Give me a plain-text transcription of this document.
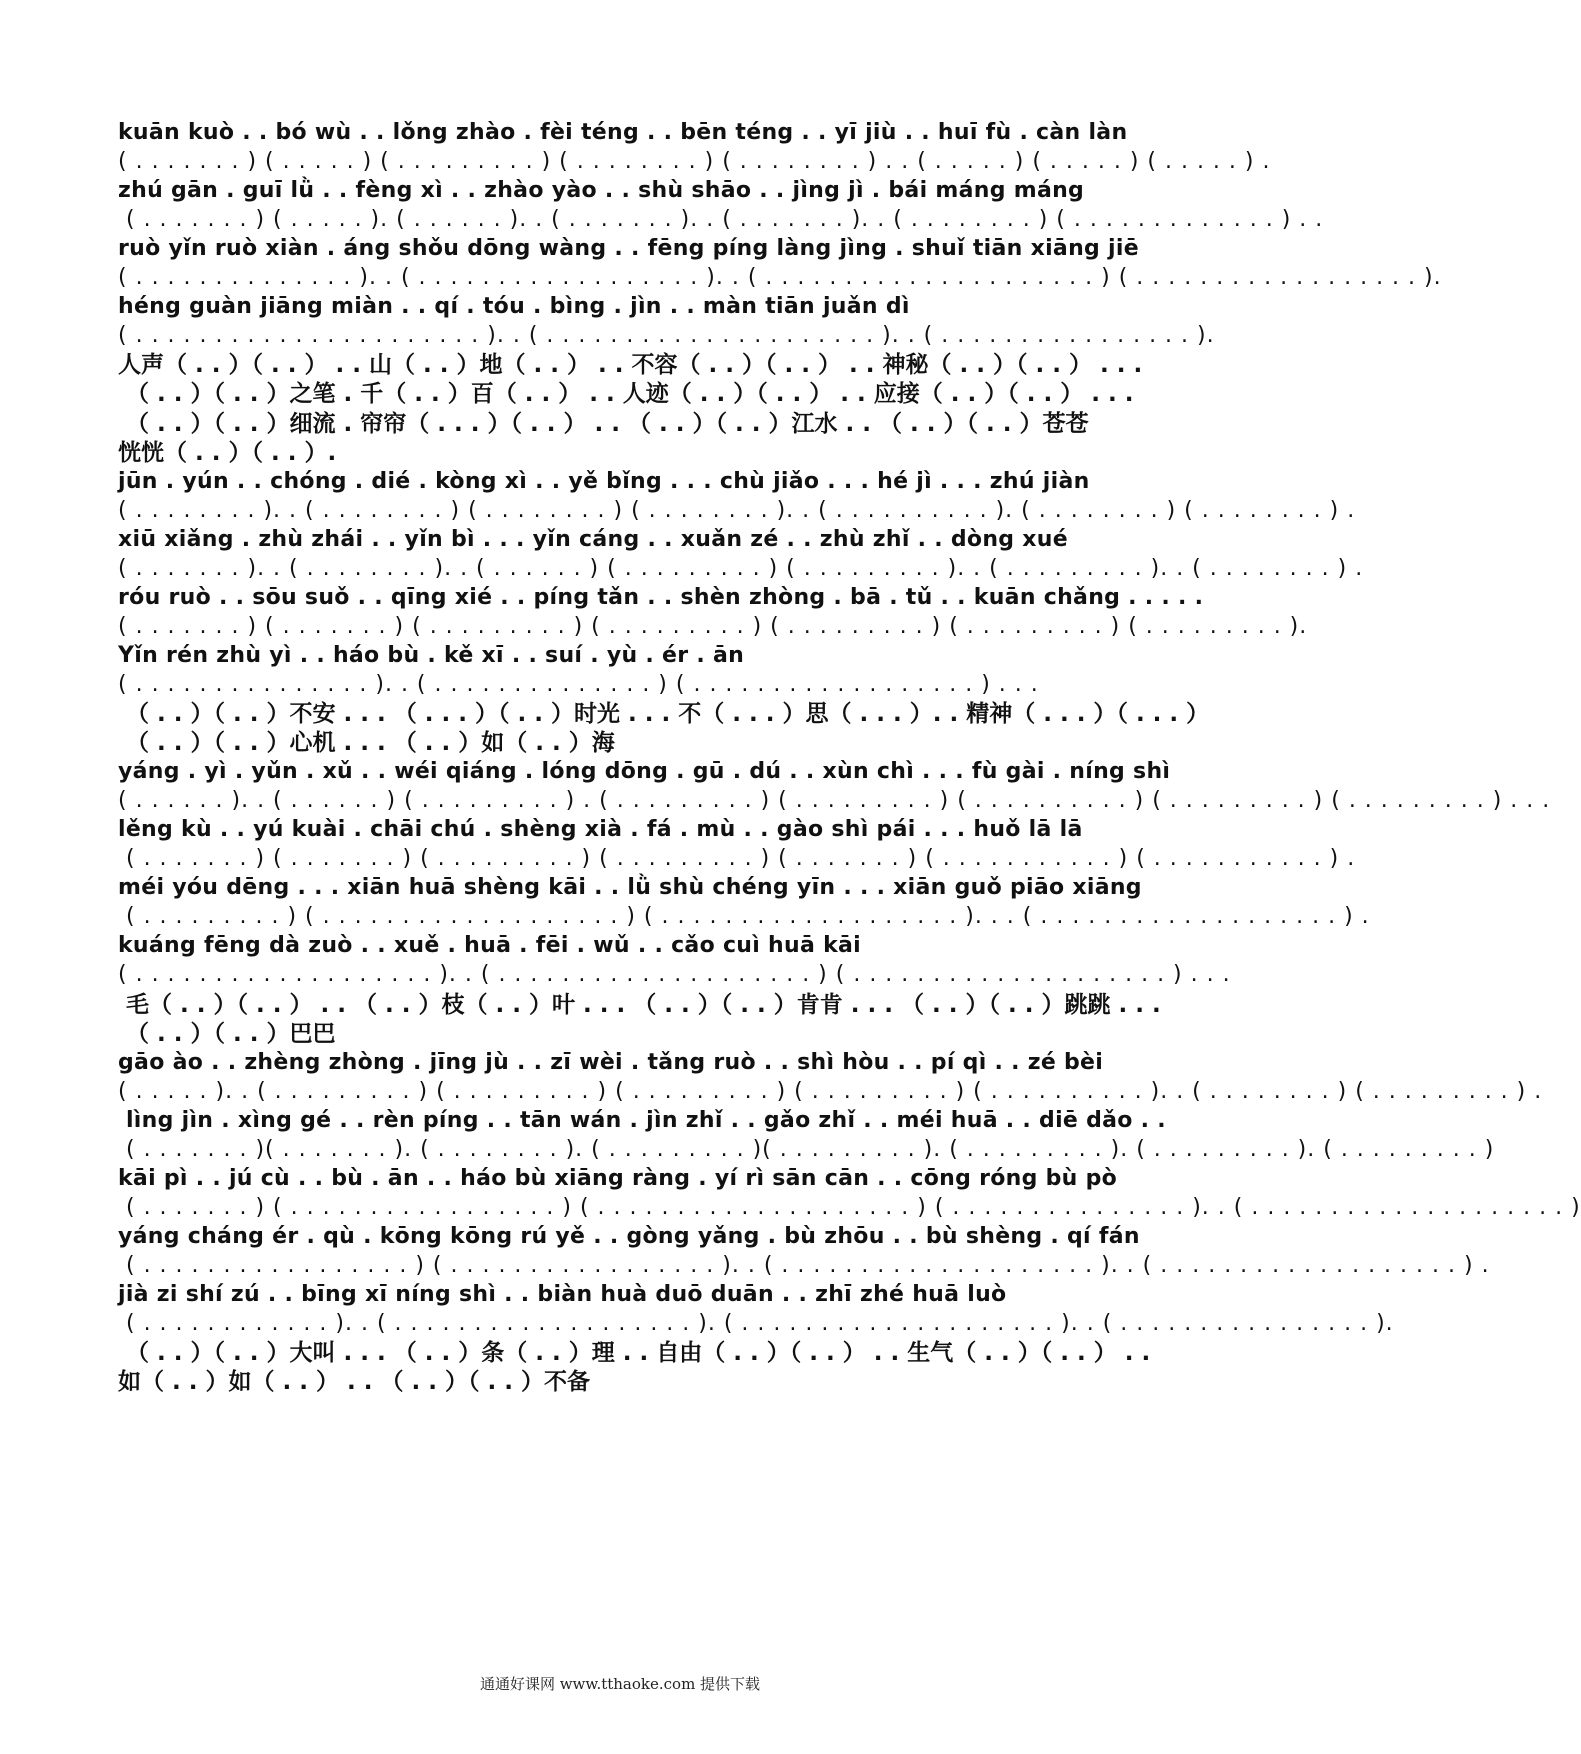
kuān kuò . . bó wù . . lǒng zhào . fèi téng . . bēn téng . . yī jiù . . huī fù . càn làn
( . . . . . . . ) ( . . . . . ) ( . . . . . . . . . ) ( . . . . . . . . ) ( . . . . . . . . ) . . ( . . . . . ) ( . . . . . ) ( . . . . . ) .
zhú gān . guī lǜ . . fèng xì . . zhào yào . . shù shāo . . jìng jì . bái máng máng
( . . . . . . . ) ( . . . . . ). ( . . . . . . ). . ( . . . . . . . ). . ( . . . . . . . ). . ( . . . . . . . . ) ( . . . . . . . . . . . . . ) . .
ruò yǐn ruò xiàn . áng shǒu dōng wàng . . fēng píng làng jìng . shuǐ tiān xiāng jiē
( . . . . . . . . . . . . . . ). . ( . . . . . . . . . . . . . . . . . . ). . ( . . . . . . . . . . . . . . . . . . . . . ) ( . . . . . . . . . . . . . . . . . . ).
héng guàn jiāng miàn . . qí . tóu . bìng . jìn . . màn tiān juǎn dì
( . . . . . . . . . . . . . . . . . . . . . . ). . ( . . . . . . . . . . . . . . . . . . . . . ). . ( . . . . . . . . . . . . . . . . ).
人声（ . . ）（ . . ） . . 山（ . . ）地（ . . ） . . 不容（ . . ）（ . . ） . . 神秘（ . . ）（ . . ） . . .
（ . . ）（ . . ）之笔 . 千（ . . ）百（ . . ） . . 人迹（ . . ）（ . . ） . . 应接（ . . ）（ . . ） . . .
（ . . ）（ . . ）细流 . 帘帘（ . . . ）（ . . ） . . （ . . ）（ . . ）江水 . . （ . . ）（ . . ）苍苍
恍恍（ . . ）（ . . ）.
jūn . yún . . chóng . dié . kòng xì . . yě bǐng . . . chù jiǎo . . . hé jì . . . zhú jiàn
( . . . . . . . . ). . ( . . . . . . . . ) ( . . . . . . . . ) ( . . . . . . . . ). . ( . . . . . . . . . . ). ( . . . . . . . . ) ( . . . . . . . . ) .
xiū xiǎng . zhù zhái . . yǐn bì . . . yǐn cáng . . xuǎn zé . . zhù zhǐ . . dòng xué
( . . . . . . . ). . ( . . . . . . . . ). . ( . . . . . . ) ( . . . . . . . . . ) ( . . . . . . . . . ). . ( . . . . . . . . . ). . ( . . . . . . . . ) .
róu ruò . . sōu suǒ . . qīng xié . . píng tǎn . . shèn zhòng . bā . tǔ . . kuān chǎng . . . . .
( . . . . . . . ) ( . . . . . . . ) ( . . . . . . . . . ) ( . . . . . . . . . ) ( . . . . . . . . . ) ( . . . . . . . . . ) ( . . . . . . . . . ).
Yǐn rén zhù yì . . háo bù . kě xī . . suí . yù . ér . ān
( . . . . . . . . . . . . . . . ). . ( . . . . . . . . . . . . . . ) ( . . . . . . . . . . . . . . . . . . ) . . .
（ . . ）（ . . ）不安 . . . （ . . . ）（ . . ）时光 . . . 不（ . . . ）思（ . . . ）. . 精神（ . . . ）（ . . . ）
（ . . ）（ . . ）心机 . . . （ . . ）如（ . . ）海
yáng . yì . yǔn . xǔ . . wéi qiáng . lóng dōng . gū . dú . . xùn chì . . . fù gài . níng shì
( . . . . . . ). . ( . . . . . . ) ( . . . . . . . . . ) . ( . . . . . . . . . ) ( . . . . . . . . . ) ( . . . . . . . . . . ) ( . . . . . . . . . ) ( . . . . . . . . . ) . . .
lěng kù . . yú kuài . chāi chú . shèng xià . fá . mù . . gào shì pái . . . huǒ lā lā
( . . . . . . . ) ( . . . . . . . ) ( . . . . . . . . . ) ( . . . . . . . . . ) ( . . . . . . . ) ( . . . . . . . . . . . ) ( . . . . . . . . . . . ) .
méi yóu dēng . . . xiān huā shèng kāi . . lǜ shù chéng yīn . . . xiān guǒ piāo xiāng
( . . . . . . . . . ) ( . . . . . . . . . . . . . . . . . . . ) ( . . . . . . . . . . . . . . . . . . . ). . . ( . . . . . . . . . . . . . . . . . . . ) .
kuáng fēng dà zuò . . xuě . huā . fēi . wǔ . . cǎo cuì huā kāi
( . . . . . . . . . . . . . . . . . . . ). . ( . . . . . . . . . . . . . . . . . . . . ) ( . . . . . . . . . . . . . . . . . . . . ) . . .
毛（ . . ）（ . . ） . . （ . . ）枝（ . . ）叶 . . . （ . . ）（ . . ）肯肯 . . . （ . . ）（ . . ）跳跳 . . .
（ . . ）（ . . ）巴巴
gāo ào . . zhèng zhòng . jīng jù . . zī wèi . tǎng ruò . . shì hòu . . pí qì . . zé bèi
( . . . . . ). . ( . . . . . . . . . ) ( . . . . . . . . . ) ( . . . . . . . . . ) ( . . . . . . . . . ) ( . . . . . . . . . . ). . ( . . . . . . . . ) ( . . . . . . . . . ) .
lìng jìn . xìng gé . . rèn píng . . tān wán . jìn zhǐ . . gǎo zhǐ . . méi huā . . diē dǎo . .
( . . . . . . . )( . . . . . . . ). ( . . . . . . . . ). ( . . . . . . . . . )( . . . . . . . . . ). ( . . . . . . . . . ). ( . . . . . . . . . ). ( . . . . . . . . . )
kāi pì . . jú cù . . bù . ān . . háo bù xiāng ràng . yí rì sān cān . . cōng róng bù pò
( . . . . . . . ) ( . . . . . . . . . . . . . . . . . ) ( . . . . . . . . . . . . . . . . . . . . ) ( . . . . . . . . . . . . . . . ). . ( . . . . . . . . . . . . . . . . . . . . )
yáng cháng ér . qù . kōng kōng rú yě . . gòng yǎng . bù zhōu . . bù shèng . qí fán
( . . . . . . . . . . . . . . . . . ) ( . . . . . . . . . . . . . . . . . ). . ( . . . . . . . . . . . . . . . . . . . . ). . ( . . . . . . . . . . . . . . . . . . . ) .
jià zi shí zú . . bīng xī níng shì . . biàn huà duō duān . . zhī zhé huā luò
( . . . . . . . . . . . . ). . ( . . . . . . . . . . . . . . . . . . . ). ( . . . . . . . . . . . . . . . . . . . . ). . ( . . . . . . . . . . . . . . . . ).
（ . . ）（ . . ）大叫 . . . （ . . ）条（ . . ）理 . . 自由（ . . ）（ . . ） . . 生气（ . . ）（ . . ） . .
如（ . . ）如（ . . ） . . （ . . ）（ . . ）不备
通通好课网 www.tthaoke.com 提供下载
